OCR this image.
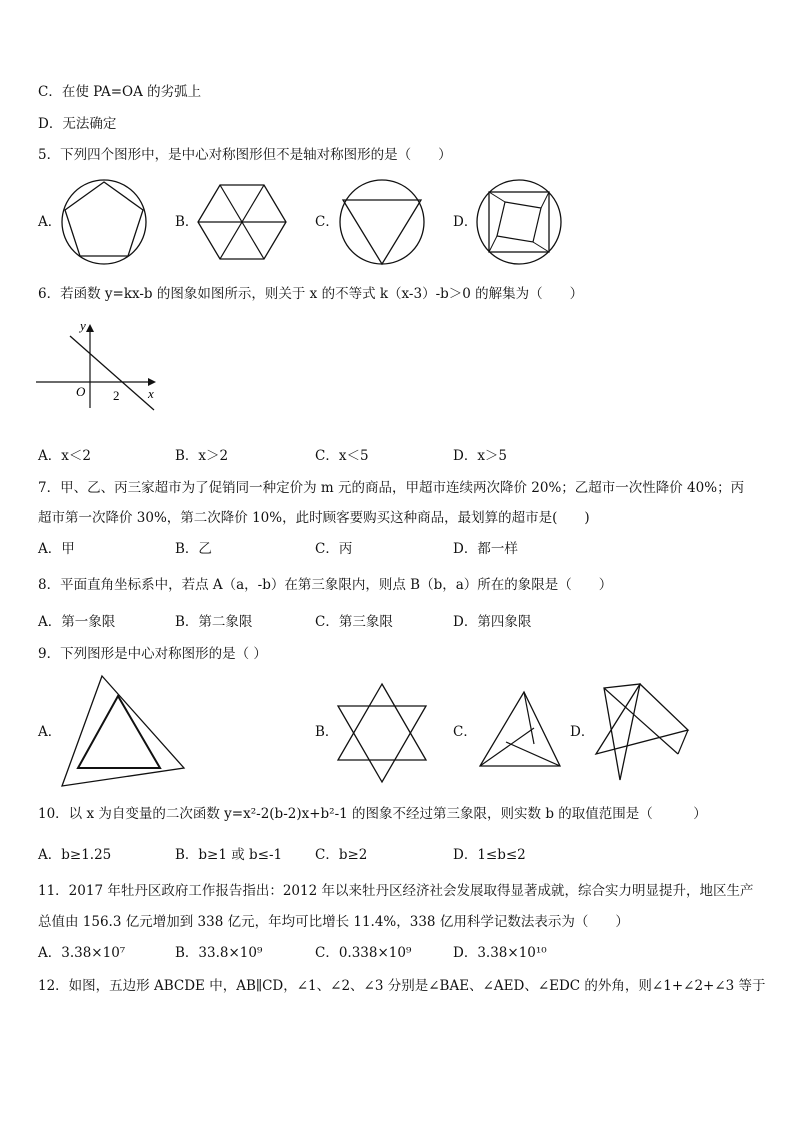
C．在使 PA=OA 的劣弧上
D．无法确定
5．下列四个图形中，是中心对称图形但不是轴对称图形的是（　　）
A．	B．	C．	D．
6．若函数 y=kx-b 的图象如图所示，则关于 x 的不等式 k（x-3）-b＞0 的解集为（　　）
y
x
O 2
A．x＜2	B．x＞2	C．x＜5	D．x＞5
7．甲、乙、丙三家超市为了促销同一种定价为 m 元的商品，甲超市连续两次降价 20%；乙超市一次性降价 40%；丙
超市第一次降价 30%，第二次降价 10%，此时顾客要购买这种商品，最划算的超市是(　　)
A．甲	B．乙	C．丙	D．都一样
8．平面直角坐标系中，若点 A（a，-b）在第三象限内，则点 B（b，a）所在的象限是（　　）
A．第一象限	B．第二象限	C．第三象限	D．第四象限
9．下列图形是中心对称图形的是（ ）
A．	B．	C．	D．
10．以 x 为自变量的二次函数 y=x²-2(b-2)x+b²-1 的图象不经过第三象限，则实数 b 的取值范围是（　　　）
A．b≥1.25	B．b≥1 或 b≤-1 C．b≥2	D．1≤b≤2
11．2017 年牡丹区政府工作报告指出：2012 年以来牡丹区经济社会发展取得显著成就，综合实力明显提升，地区生产
总值由 156.3 亿元增加到 338 亿元，年均可比增长 11.4%，338 亿用科学记数法表示为（　　）
A．3.38×10⁷	B．33.8×10⁹	C．0.338×10⁹	D．3.38×10¹⁰
12．如图，五边形 ABCDE 中，AB∥CD，∠1、∠2、∠3 分别是∠BAE、∠AED、∠EDC 的外角，则∠1+∠2+∠3 等于
